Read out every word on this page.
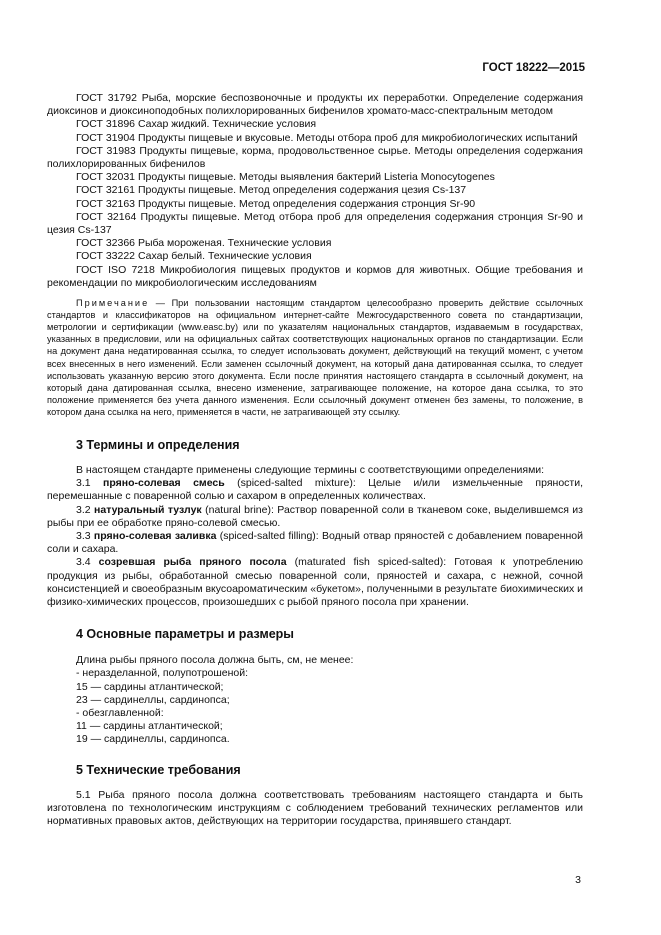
ГОСТ 18222—2015

ГОСТ 31792 Рыба, морские беспозвоночные и продукты их переработки. Определение содержания диоксинов и диоксиноподобных полихлорированных бифенилов хромато-масс-спектральным методом

ГОСТ 31896 Сахар жидкий. Технические условия

ГОСТ 31904 Продукты пищевые и вкусовые. Методы отбора проб для микробиологических испытаний

ГОСТ 31983 Продукты пищевые, корма, продовольственное сырье. Методы определения содержания полихлорированных бифенилов

ГОСТ 32031 Продукты пищевые. Методы выявления бактерий Listeria Monocytogenes

ГОСТ 32161 Продукты пищевые. Метод определения содержания цезия Cs-137

ГОСТ 32163 Продукты пищевые. Метод определения содержания стронция Sr-90

ГОСТ 32164 Продукты пищевые. Метод отбора проб для определения содержания стронция Sr-90 и цезия Cs-137

ГОСТ 32366 Рыба мороженая. Технические условия

ГОСТ 33222 Сахар белый. Технические условия

ГОСТ ISO 7218 Микробиология пищевых продуктов и кормов для животных. Общие требования и рекомендации по микробиологическим исследованиям

Примечание — При пользовании настоящим стандартом целесообразно проверить действие ссылочных стандартов и классификаторов на официальном интернет-сайте Межгосударственного совета по стандартизации, метрологии и сертификации (www.easc.by) или по указателям национальных стандартов, издаваемым в государствах, указанных в предисловии, или на официальных сайтах соответствующих национальных органов по стандартизации. Если на документ дана недатированная ссылка, то следует использовать документ, действующий на текущий момент, с учетом всех внесенных в него изменений. Если заменен ссылочный документ, на который дана датированная ссылка, то следует использовать указанную версию этого документа. Если после принятия настоящего стандарта в ссылочный документ, на который дана датированная ссылка, внесено изменение, затрагивающее положение, на которое дана ссылка, то это положение применяется без учета данного изменения. Если ссылочный документ отменен без замены, то положение, в котором дана ссылка на него, применяется в части, не затрагивающей эту ссылку.

3 Термины и определения

В настоящем стандарте применены следующие термины с соответствующими определениями:

3.1 пряно-солевая смесь (spiced-salted mixture): Целые и/или измельченные пряности, перемешанные с поваренной солью и сахаром в определенных количествах.

3.2 натуральный тузлук (natural brine): Раствор поваренной соли в тканевом соке, выделившемся из рыбы при ее обработке пряно-солевой смесью.

3.3 пряно-солевая заливка (spiced-salted filling): Водный отвар пряностей с добавлением поваренной соли и сахара.

3.4 созревшая рыба пряного посола (maturated fish spiced-salted): Готовая к употреблению продукция из рыбы, обработанной смесью поваренной соли, пряностей и сахара, с нежной, сочной консистенцией и своеобразным вкусоароматическим «букетом», полученными в результате биохимических и физико-химических процессов, произошедших с рыбой пряного посола при хранении.

4 Основные параметры и размеры
Длина рыбы пряного посола должна быть, см, не менее:
- неразделанной, полупотрошеной:
15 — сардины атлантической;
23 — сардинеллы, сардинопса;
- обезглавленной:
11 — сардины атлантической;
19 — сардинеллы, сардинопса.
5 Технические требования

5.1 Рыба пряного посола должна соответствовать требованиям настоящего стандарта и быть изготовлена по технологическим инструкциям с соблюдением требований технических регламентов или нормативных правовых актов, действующих на территории государства, принявшего стандарт.

3
